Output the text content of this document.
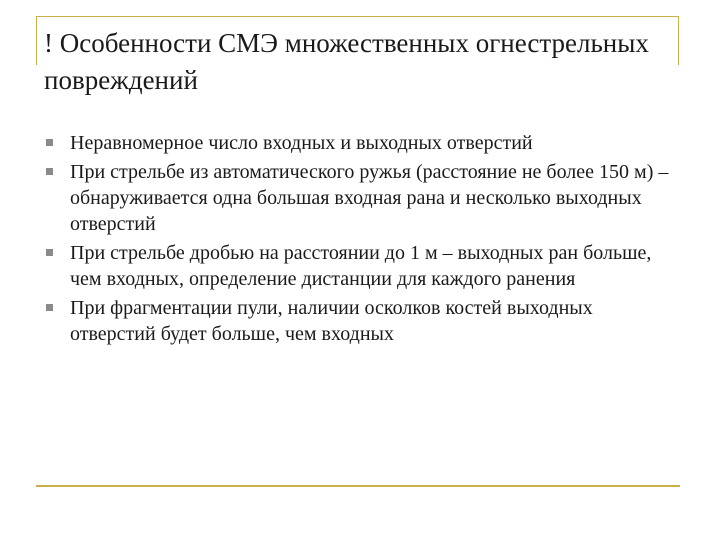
! Особенности СМЭ множественных огнестрельных повреждений
Неравномерное число входных и выходных отверстий
При стрельбе из автоматического ружья (расстояние не более 150 м) – обнаруживается одна большая входная рана и несколько выходных отверстий
При стрельбе дробью на расстоянии до 1 м – выходных ран больше, чем входных, определение дистанции для каждого ранения
При фрагментации пули, наличии осколков костей выходных отверстий будет больше, чем входных
